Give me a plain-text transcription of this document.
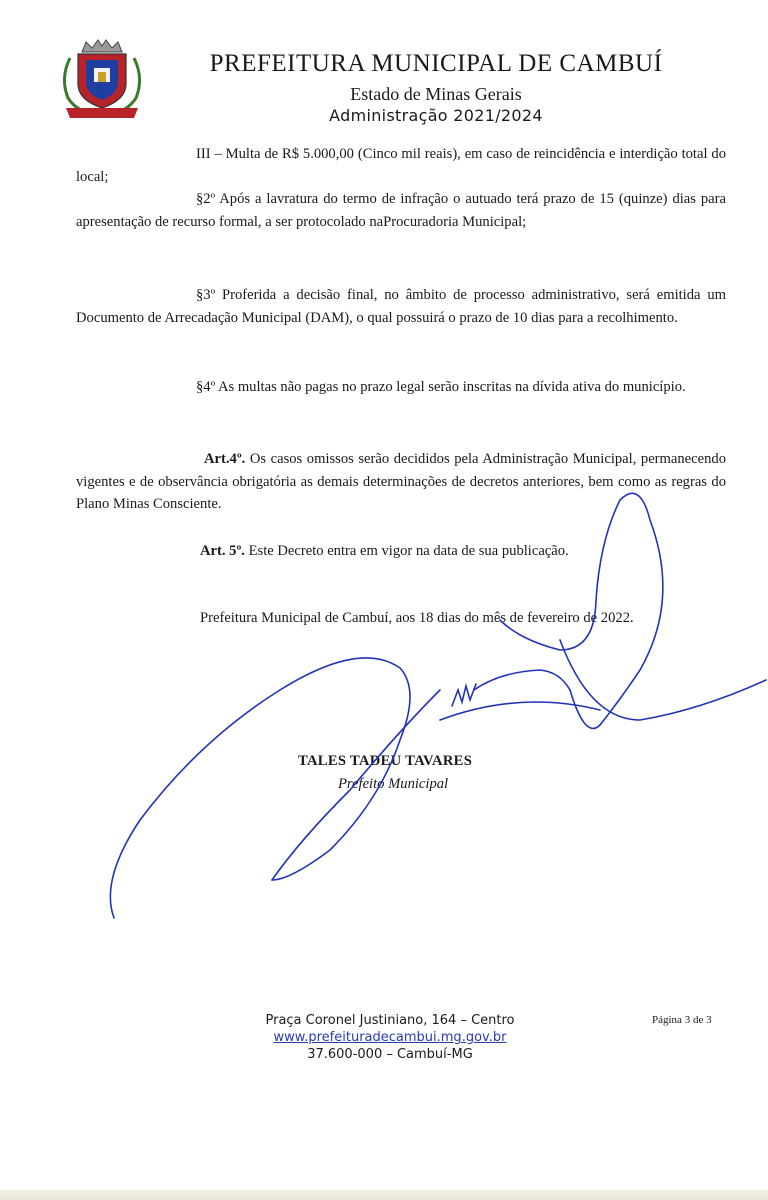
PREFEITURA MUNICIPAL DE CAMBUÍ
Estado de Minas Gerais
Administração 2021/2024

III – Multa de R$ 5.000,00 (Cinco mil reais), em caso de reincidência e interdição total do local;

§2º Após a lavratura do termo de infração o autuado terá prazo de 15 (quinze) dias para apresentação de recurso formal, a ser protocolado naProcuradoria Municipal;

§3º Proferida a decisão final, no âmbito de processo administrativo, será emitida um Documento de Arrecadação Municipal (DAM), o qual possuirá o prazo de 10 dias para a recolhimento.

§4º As multas não pagas no prazo legal serão inscritas na dívida ativa do município.

Art.4º. Os casos omissos serão decididos pela Administração Municipal, permanecendo vigentes e de observância obrigatória as demais determinações de decretos anteriores, bem como as regras do Plano Minas Consciente.

Art. 5º. Este Decreto entra em vigor na data de sua publicação.

Prefeitura Municipal de Cambuí, aos 18 dias do mês de fevereiro de 2022.

TALES TADEU TAVARES
Prefeito Municipal
Praça Coronel Justiniano, 164 – Centro
www.prefeituradecambui.mg.gov.br
37.600-000 – Cambuí-MG
Página 3 de 3
